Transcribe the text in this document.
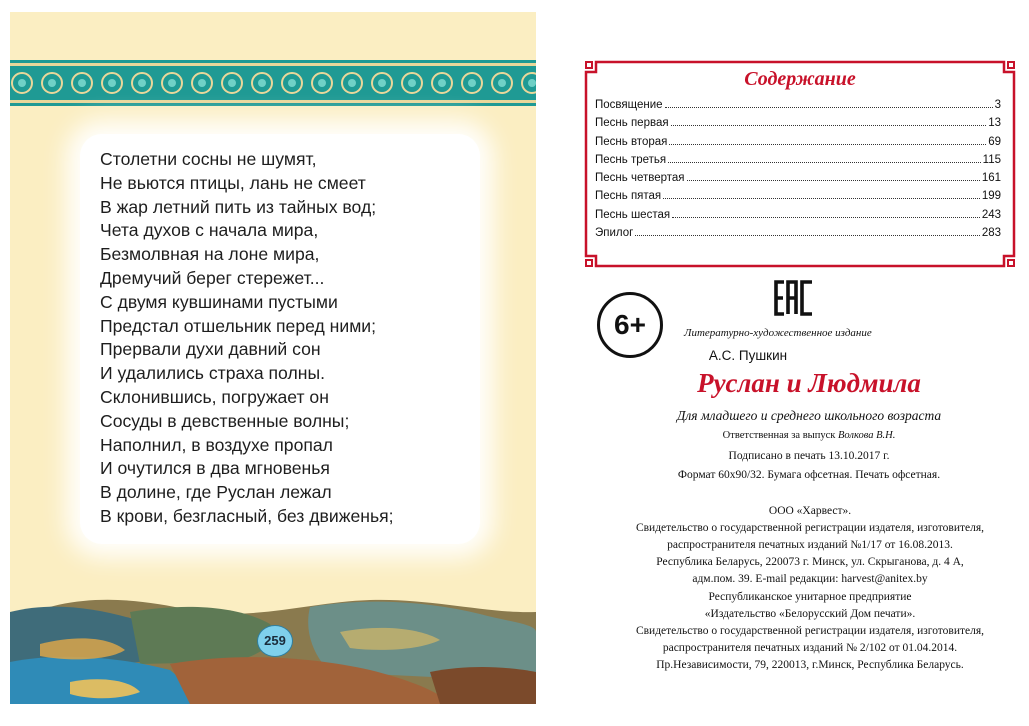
Столетни сосны не шумят,
Не вьются птицы, лань не смеет
В жар летний пить из тайных вод;
Чета духов с начала мира,
Безмолвная на лоне мира,
Дремучий берег стережет...
С двумя кувшинами пустыми
Предстал отшельник перед ними;
Прервали духи давний сон
И удалились страха полны.
Склонившись, погружает он
Сосуды в девственные волны;
Наполнил, в воздухе пропал
И очутился в два мгновенья
В долине, где Руслан лежал
В крови, безгласный, без движенья;
259
Содержание
Посвящение	3
Песнь первая	13
Песнь вторая	69
Песнь третья	115
Песнь четвертая	161
Песнь пятая	199
Песнь шестая	243
Эпилог	283
6+	Литературно-художественное издание

А.С. Пушкин

Руслан и Людмила

Для младшего и среднего школьного возраста

Ответственная за выпуск Волкова В.Н.

Подписано в печать 13.10.2017 г.

Формат 60x90/32. Бумага офсетная. Печать офсетная.

ООО «Харвест».

Свидетельство о государственной регистрации издателя, изготовителя,

распространителя печатных изданий №1/17 от 16.08.2013.

Республика Беларусь, 220073 г. Минск, ул. Скрыганова, д. 4 А,

адм.пом. 39. E-mail редакции: harvest@anitex.by

Республиканское унитарное предприятие

«Издательство «Белорусский Дом печати».

Свидетельство о государственной регистрации издателя, изготовителя,

распространителя печатных изданий № 2/102 от 01.04.2014.

Пр.Независимости, 79, 220013, г.Минск, Республика Беларусь.
